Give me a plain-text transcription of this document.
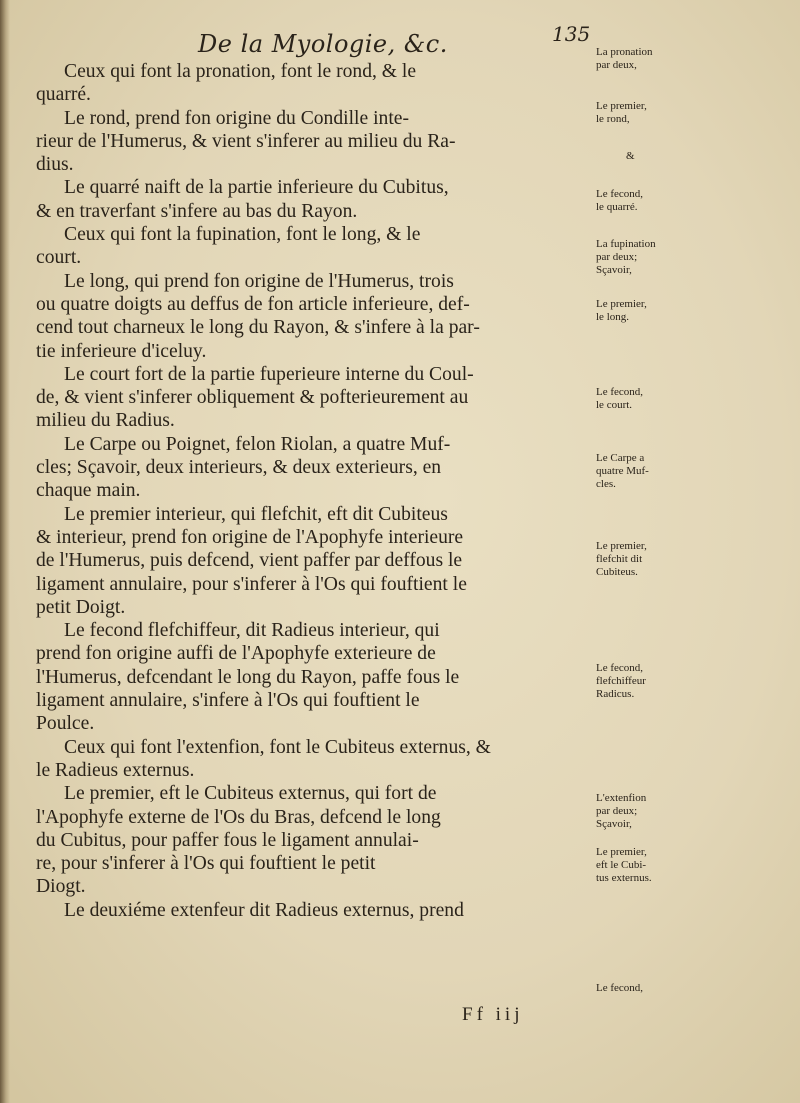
De la Myologie, &c.	135
Ceux qui font la pronation, font le rond, & le
quarré.
Le rond, prend fon origine du Condille inte-
rieur de l'Humerus, & vient s'inferer au milieu du Ra-
dius.
Le quarré naift de la partie inferieure du Cubitus,
& en traverfant s'infere au bas du Rayon.
Ceux qui font la fupination, font le long, & le
court.
Le long, qui prend fon origine de l'Humerus, trois
ou quatre doigts au deffus de fon article inferieure, def-
cend tout charneux le long du Rayon, & s'infere à la par-
tie inferieure d'iceluy.
Le court fort de la partie fuperieure interne du Coul-
de, & vient s'inferer obliquement & pofterieurement au
milieu du Radius.
Le Carpe ou Poignet, felon Riolan, a quatre Muf-
cles; Sçavoir, deux interieurs, & deux exterieurs, en
chaque main.
Le premier interieur, qui flefchit, eft dit Cubiteus
& interieur, prend fon origine de l'Apophyfe interieure
de l'Humerus, puis defcend, vient paffer par deffous le
ligament annulaire, pour s'inferer à l'Os qui fouftient le
petit Doigt.
Le fecond flefchiffeur, dit Radieus interieur, qui
prend fon origine auffi de l'Apophyfe exterieure de
l'Humerus, defcendant le long du Rayon, paffe fous le
ligament annulaire, s'infere à l'Os qui fouftient le
Poulce.
Ceux qui font l'extenfion, font le Cubiteus externus, &
le Radieus externus.
Le premier, eft le Cubiteus externus, qui fort de
l'Apophyfe externe de l'Os du Bras, defcend le long
du Cubitus, pour paffer fous le ligament annulai-
re, pour s'inferer à l'Os qui fouftient le petit
Diogt.
Le deuxiéme extenfeur dit Radieus externus, prend
La pronation
par deux,
Le premier,
le rond,
&
Le fecond,
le quarré.
La fupination
par deux;
Sçavoir,
Le premier,
le long.
Le fecond,
le court.
Le Carpe a
quatre Muf-
cles.
Le premier,
flefchit dit
Cubiteus.
Le fecond,
flefchiffeur
Radicus.
L'extenfion
par deux;
Sçavoir,
Le premier,
eft le Cubi-
tus externus.
Le fecond,
Ff iij
